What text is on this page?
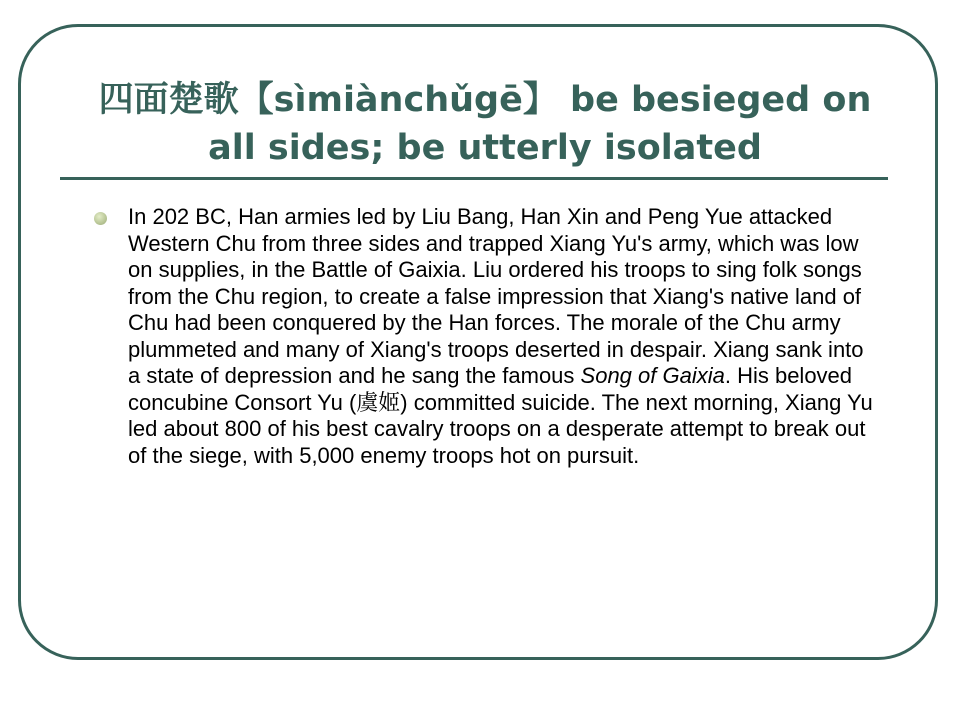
四面楚歌【sìmiànchǔgē】 be besieged on all sides; be utterly isolated
In 202 BC, Han armies led by Liu Bang, Han Xin and Peng Yue attacked Western Chu from three sides and trapped Xiang Yu's army, which was low on supplies, in the Battle of Gaixia. Liu ordered his troops to sing folk songs from the Chu region, to create a false impression that Xiang's native land of Chu had been conquered by the Han forces. The morale of the Chu army plummeted and many of Xiang's troops deserted in despair. Xiang sank into a state of depression and he sang the famous Song of Gaixia. His beloved concubine Consort Yu (虞姬) committed suicide. The next morning, Xiang Yu led about 800 of his best cavalry troops on a desperate attempt to break out of the siege, with 5,000 enemy troops hot on pursuit.
